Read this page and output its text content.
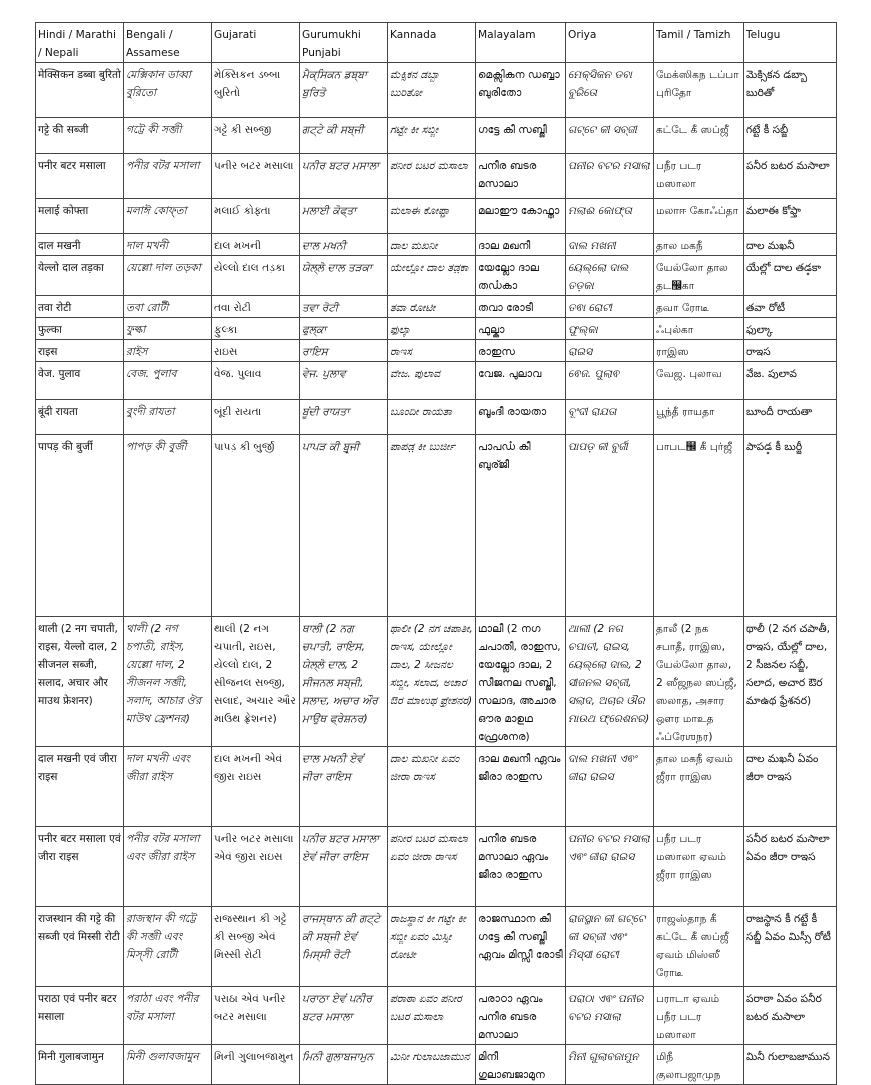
Hindi / Marathi / Nepali	Bengali / Assamese	Gujarati	Gurumukhi Punjabi	Kannada	Malayalam	Oriya	Tamil / Tamizh	Telugu
मेक्सिकन डब्बा बुरितो	মেক্সিকান ডাব্বা বুরিতো	મેક્સિકન ડબ્બા બુરિતો	ਮੈਕ੍ਸਿਕਨ ਡਬ੍ਬਾ ਬੁਰਿਤੋ	ಮೆಕ್ಸಿಕನ ಡಬ್ಬಾ ಬುರಿತೋ	മെക്സികന ഡബ്ബാ ബുരിതോ	ମେକ୍ସିକନ ଡବା ବୁରିତୋ	மேக்ஸிகந டப்பா புரிதோ	మెక్సికన డబ్బా బురితో
गट्टे की सब्जी	গট্টে কী সব্জী	ગટ્ટે કી સબ્જી	ਗਟ੍ਟੇ ਕੀ ਸਬ੍ਜੀ	ಗಟ್ಟೇ ಕೀ ಸಬ್ಜೀ	ഗട്ടേ കീ സബ്ജീ	ଗଟ୍ଟେ କୀ ସବ୍ଜୀ	கட்டே கீ ஸப்ஜீ	గట్టే కీ సబ్జీ
पनीर बटर मसाला	পনীর বটর মসালা	પનીર બટર મસાલા	ਪਨੀਰ ਬਟਰ ਮਸਾਲਾ	ಪನೀರ ಬಟರ ಮಸಾಲಾ	പനീര ബടര മസാലാ	ପନୀର ବଟର ମସାଲା	பநீர படர மஸாலா	పనీర బటర మసాలా
मलाई कोफ्ता	মলাঈ কোফ্তা	મલાઈ કોફ્તા	ਮਲਾਈ ਕੋਫ੍ਤਾ	ಮಲಾಈ ಕೋಫ್ತಾ	മലാഈ കോഫ്താ	ମଲାଈ କୋଫ୍ତା	மலாஈ கோஃப்தா	మలాఈ కోఫ్తా
दाल मखनी	দাল মখনী	દાલ મખની	ਦਾਲ ਮਖਨੀ	ದಾಲ ಮಖನೀ	ദാല മഖനീ	ଦାଲ ମଖନୀ	தால மகநீ	దాల మఖనీ
येल्लो दाल तड़का	য়েল্লো দাল তড়কা	યેલ્લો દાલ તડ઼કા	ਯੇਲ੍ਲੋ ਦਾਲ ਤੜਕਾ	ಯೇಲ್ಲೋ ದಾಲ ತಡ಼ಕಾ	യേല്ലോ ദാല തഡ഼കാ	ୟେଲ୍ଲୋ ଦାଲ ତଡ଼କା	யேல்லோ தால தட஼கா	యేల్లో దాల తడ఼కా
तवा रोटी	তবা রোটী	તવા રોટી	ਤਵਾ ਰੋਟੀ	ತವಾ ರೋಟೀ	തവാ രോടീ	ତଵା ରୋଟୀ	தவா ரோடீ	తవా రోటీ
फुल्का	ফুল্কা	ફુલ્કા	ਫੁਲ੍ਕਾ	ಫುಲ್ಕಾ	ഫുല്കാ	ଫୁଲ୍କା	ஃபுல்கா	ఫుల్కా
राइस	রাইস	રાઇસ	ਰਾਇਸ	ರಾಇಸ	രാഇസ	ରାଇସ	ராஇஸ	రాఇస
वेज. पुलाव	বেজ. পুলাব	વેજ. પુલાવ	ਵੇਜ. ਪੁਲਾਵ	ವೇಜ. ಪುಲಾವ	വേജ. പുലാവ	ଵେଜ. ପୁଲାଵ	வேஜ. புலாவ	వేజ. పులావ
बूंदी रायता	বুংদী রাযতা	બૂંદી રાયતા	ਬੂਂਦੀ ਰਾਯਤਾ	ಬೂಂದೀ ರಾಯತಾ	ബൂംദീ രായതാ	ବୂଂଦୀ ରାଯତା	பூந்தீ ராயதா	బూందీ రాయతా
पापड़ की बुर्जी	পাপড় কী বুর্জী	પાપડ઼ કી બુર્જી	ਪਾਪੜ ਕੀ ਬੁਰ੍ਜੀ	ಪಾಪಡ಼ ಕೀ ಬುರ್ಜೀ	പാപഡ഼ കീ ബുര്ജീ	ପାପଡ଼ କୀ ବୁର୍ଜୀ	பாபட஼ கீ புர்ஜீ	పాపడ఼ కీ బుర్జీ
थाली (2 नग चपाती, राइस, येल्लो दाल, 2 सीजनल सब्जी, सलाद, अचार और माउथ फ्रेशनर)	থালী (2 নগ চপাতী, রাইস, য়েল্লো দাল, 2 সীজনল সব্জী, সলাদ, আচার ঔর মাউথ ফ্রেশনর)	થાલી (2 નગ ચપાતી, રાઇસ, યેલ્લો દાલ, 2 સીજનલ સબ્જી, સલાદ, અચાર ઔર માઉથ ફ્રેશનર)	ਥਾਲੀ (2 ਨਗ ਚਪਾਤੀ, ਰਾਇਸ, ਯੇਲ੍ਲੋ ਦਾਲ, 2 ਸੀਜਨਲ ਸਬ੍ਜੀ, ਸਲਾਦ, ਅਚਾਰ ਔਰ ਮਾਉਥ ਫ੍ਰੇਸ਼ਨਰ)	ಥಾಲೀ (2 ನಗ ಚಪಾತೀ, ರಾಇಸ, ಯೇಲ್ಲೋ ದಾಲ, 2 ಸೀಜನಲ ಸಬ್ಜೀ, ಸಲಾದ, ಅಚಾರ ಔರ ಮಾಉಥ ಫ್ರೇಶನರ)	ഥാലീ (2 നഗ ചപാതീ, രാഇസ, യേല്ലോ ദാല, 2 സീജനല സബ്ജീ, സലാദ, അചാര ഔര മാഉഥ ഫ്രേശനര)	ଥାଲୀ (2 ନଗ ଚପାତୀ, ରାଇସ, ୟେଲ୍ଲୋ ଦାଲ, 2 ସୀଜନଲ ସବ୍ଜୀ, ସଲାଦ, ଅଚାର ଔର ମାଉଥ ଫ୍ରେଶନର)	தாலீ (2 நக சபாதீ, ராஇஸ, யேல்லோ தால, 2 ஸீஜநல ஸப்ஜீ, ஸலாத, அசார ஔர மாஉத ஃப்ரேஶநர)	థాలీ (2 నగ చపాతీ, రాఇస, యేల్లో దాల, 2 సీజనల సబ్జీ, సలాద, అచార ఔర మాఉథ ఫ్రేశనర)
दाल मखनी एवं जीरा राइस	দাল মখনী এবং জীরা রাইস	દાલ મખની એવં જીરા રાઇસ	ਦਾਲ ਮਖਨੀ ਏਵਂ ਜੀਰਾ ਰਾਇਸ	ದಾಲ ಮಖನೀ ಏವಂ ಜೀರಾ ರಾಇಸ	ദാല മഖനീ ഏവം ജീരാ രാഇസ	ଦାଲ ମଖନୀ ଏଵଂ ଜୀରା ରାଇସ	தால மகநீ ஏவம் ஜீரா ராஇஸ	దాల మఖనీ ఏవం జీరా రాఇస
पनीर बटर मसाला एवं जीरा राइस	পনীর বটর মসালা এবং জীরা রাইস	પનીર બટર મસાલા એવં જીરા રાઇસ	ਪਨੀਰ ਬਟਰ ਮਸਾਲਾ ਏਵਂ ਜੀਰਾ ਰਾਇਸ	ಪನೀರ ಬಟರ ಮಸಾಲಾ ಏವಂ ಜೀರಾ ರಾಇಸ	പനീര ബടര മസാലാ ഏവം ജീരാ രാഇസ	ପନୀର ବଟର ମସାଲା ଏଵଂ ଜୀରା ରାଇସ	பநீர படர மஸாலா ஏவம் ஜீரா ராஇஸ	పనీర బటర మసాలా ఏవం జీరా రాఇస
राजस्थान की गट्टे की सब्जी एवं मिस्सी रोटी	রাজস্থান কী গট্টে কী সব্জী এবং মিস্সী রোটী	રાજસ્થાન કી ગટ્ટે કી સબ્જી એવં મિસ્સી રોટી	ਰਾਜਸ੍ਥਾਨ ਕੀ ਗਟ੍ਟੇ ਕੀ ਸਬ੍ਜੀ ਏਵਂ ਮਿਸ੍ਸੀ ਰੋਟੀ	ರಾಜಸ್ಥಾನ ಕೀ ಗಟ್ಟೇ ಕೀ ಸಬ್ಜೀ ಏವಂ ಮಿಸ್ಸೀ ರೋಟೀ	രാജസ്ഥാന കീ ഗട്ടേ കീ സബ്ജീ ഏവം മിസ്സീ രോടീ	ରାଜସ୍ଥାନ କୀ ଗଟ୍ଟେ କୀ ସବ୍ଜୀ ଏଵଂ ମିସ୍ସୀ ରୋଟୀ	ராஜஸ்தாந கீ கட்டே கீ ஸப்ஜீ ஏவம் மிஸ்ஸீ ரோடீ	రాజస్థాన కీ గట్టే కీ సబ్జీ ఏవం మిస్సీ రోటీ
पराठा एवं पनीर बटर मसाला	পরাঠা এবং পনীর বটর মসালা	પરાઠા એવં પનીર બટર મસાલા	ਪਰਾਠਾ ਏਵਂ ਪਨੀਰ ਬਟਰ ਮਸਾਲਾ	ಪರಾಠಾ ಏವಂ ಪನೀರ ಬಟರ ಮಸಾಲಾ	പരാഠാ ഏവം പനീര ബടര മസാലാ	ପରାଠା ଏଵଂ ପନୀର ବଟର ମସାଲା	பராடா ஏவம் பநீர படர மஸாலா	పరాఠా ఏవం పనీర బటర మసాలా
मिनी गुलाबजामुन	মিনী গুলাবজামুন	મિની ગુલાબજામુન	ਮਿਨੀ ਗੁਲਾਬਜਾਮੁਨ	ಮಿನೀ ಗುಲಾಬಜಾಮುನ	മിനീ ഗുലാബജാമുന	ମିନୀ ଗୁଲାବଜାମୁନ	மிநீ குலாபஜாமுந	మినీ గులాబజామున
